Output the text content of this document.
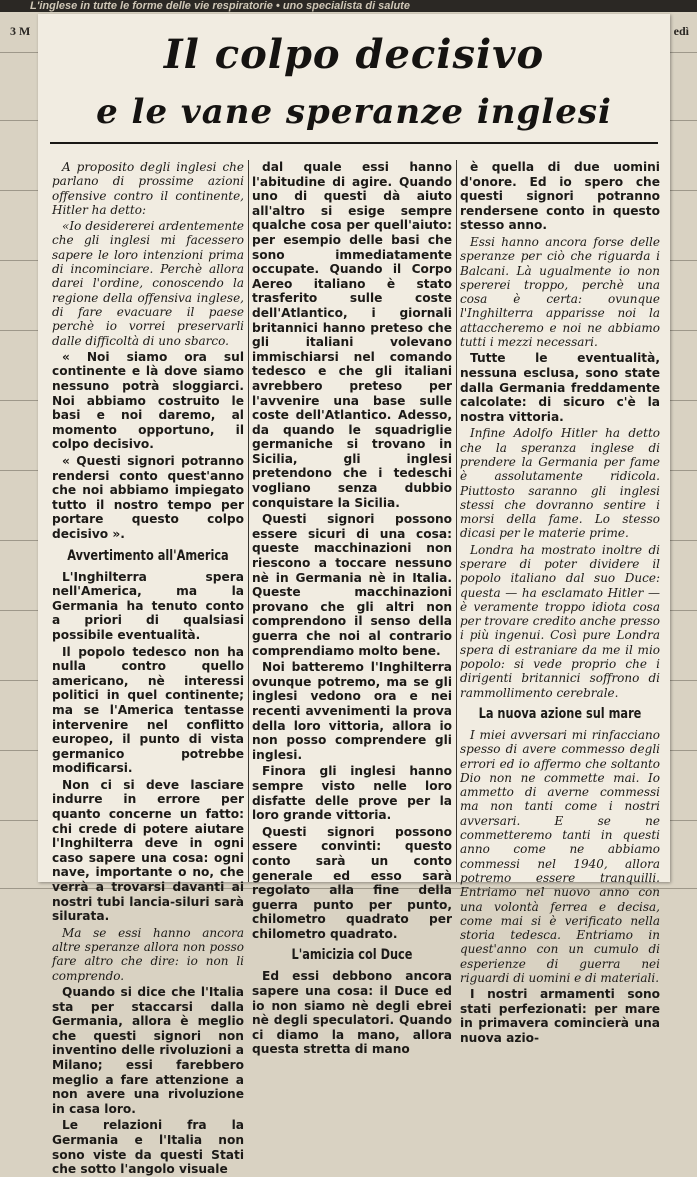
L'inglese in tutte le forme delle vie respiratorie • uno specialista di salute
3 M	edì
Il colpo decisivo
e le vane speranze inglesi

A proposito degli inglesi che parlano di prossime azioni offensive contro il continente, Hitler ha detto:

«Io desidererei ardentemente che gli inglesi mi facessero sapere le loro intenzioni prima di incominciare. Perchè allora darei l'ordine, conoscendo la regione della offensiva inglese, di fare evacuare il paese perchè io vorrei preservarli dalle difficoltà di uno sbarco.

« Noi siamo ora sul continente e là dove siamo nessuno potrà sloggiarci. Noi abbiamo costruito le basi e noi daremo, al momento opportuno, il colpo decisivo.

« Questi signori potranno rendersi conto quest'anno che noi abbiamo impiegato tutto il nostro tempo per portare questo colpo decisivo ».

Avvertimento all'America

L'Inghilterra spera nell'America, ma la Germania ha tenuto conto a priori di qualsiasi possibile eventualità.

Il popolo tedesco non ha nulla contro quello americano, nè interessi politici in quel continente; ma se l'America tentasse intervenire nel conflitto europeo, il punto di vista germanico potrebbe modificarsi.

Non ci si deve lasciare indurre in errore per quanto concerne un fatto: chi crede di potere aiutare l'Inghilterra deve in ogni caso sapere una cosa: ogni nave, importante o no, che verrà a trovarsi davanti ai nostri tubi lancia-siluri sarà silurata.

Ma se essi hanno ancora altre speranze allora non posso fare altro che dire: io non li comprendo.

Quando si dice che l'Italia sta per staccarsi dalla Germania, allora è meglio che questi signori non inventino delle rivoluzioni a Milano; essi farebbero meglio a fare attenzione a non avere una rivoluzione in casa loro.

Le relazioni fra la Germania e l'Italia non sono viste da questi Stati che sotto l'angolo visuale

dal quale essi hanno l'abitudine di agire. Quando uno di questi dà aiuto all'altro si esige sempre qualche cosa per quell'aiuto: per esempio delle basi che sono immediatamente occupate. Quando il Corpo Aereo italiano è stato trasferito sulle coste dell'Atlantico, i giornali britannici hanno preteso che gli italiani volevano immischiarsi nel comando tedesco e che gli italiani avrebbero preteso per l'avvenire una base sulle coste dell'Atlantico. Adesso, da quando le squadriglie germaniche si trovano in Sicilia, gli inglesi pretendono che i tedeschi vogliano senza dubbio conquistare la Sicilia.

Questi signori possono essere sicuri di una cosa: queste macchinazioni non riescono a toccare nessuno nè in Germania nè in Italia. Queste macchinazioni provano che gli altri non comprendono il senso della guerra che noi al contrario comprendiamo molto bene.

Noi batteremo l'Inghilterra ovunque potremo, ma se gli inglesi vedono ora e nei recenti avvenimenti la prova della loro vittoria, allora io non posso comprendere gli inglesi.

Finora gli inglesi hanno sempre visto nelle loro disfatte delle prove per la loro grande vittoria.

Questi signori possono essere convinti: questo conto sarà un conto generale ed esso sarà regolato alla fine della guerra punto per punto, chilometro quadrato per chilometro quadrato.

L'amicizia col Duce

Ed essi debbono ancora sapere una cosa: il Duce ed io non siamo nè degli ebrei nè degli speculatori. Quando ci diamo la mano, allora questa stretta di mano

è quella di due uomini d'onore. Ed io spero che questi signori potranno rendersene conto in questo stesso anno.

Essi hanno ancora forse delle speranze per ciò che riguarda i Balcani. Là ugualmente io non spererei troppo, perchè una cosa è certa: ovunque l'Inghilterra apparisse noi la attaccheremo e noi ne abbiamo tutti i mezzi necessari.

Tutte le eventualità, nessuna esclusa, sono state dalla Germania freddamente calcolate: di sicuro c'è la nostra vittoria.

Infine Adolfo Hitler ha detto che la speranza inglese di prendere la Germania per fame è assolutamente ridicola. Piuttosto saranno gli inglesi stessi che dovranno sentire i morsi della fame. Lo stesso dicasi per le materie prime.

Londra ha mostrato inoltre di sperare di poter dividere il popolo italiano dal suo Duce: questa — ha esclamato Hitler — è veramente troppo idiota cosa per trovare credito anche presso i più ingenui. Così pure Londra spera di estraniare da me il mio popolo: si vede proprio che i dirigenti britannici soffrono di rammollimento cerebrale.

La nuova azione sul mare

I miei avversari mi rinfacciano spesso di avere commesso degli errori ed io affermo che soltanto Dio non ne commette mai. Io ammetto di averne commessi ma non tanti come i nostri avversari. E se ne commetteremo tanti in questi anno come ne abbiamo commessi nel 1940, allora potremo essere tranquilli. Entriamo nel nuovo anno con una volontà ferrea e decisa, come mai si è verificato nella storia tedesca. Entriamo in quest'anno con un cumulo di esperienze di guerra nei riguardi di uomini e di materiali.

I nostri armamenti sono stati perfezionati: per mare in primavera comincierà una nuova azio-
